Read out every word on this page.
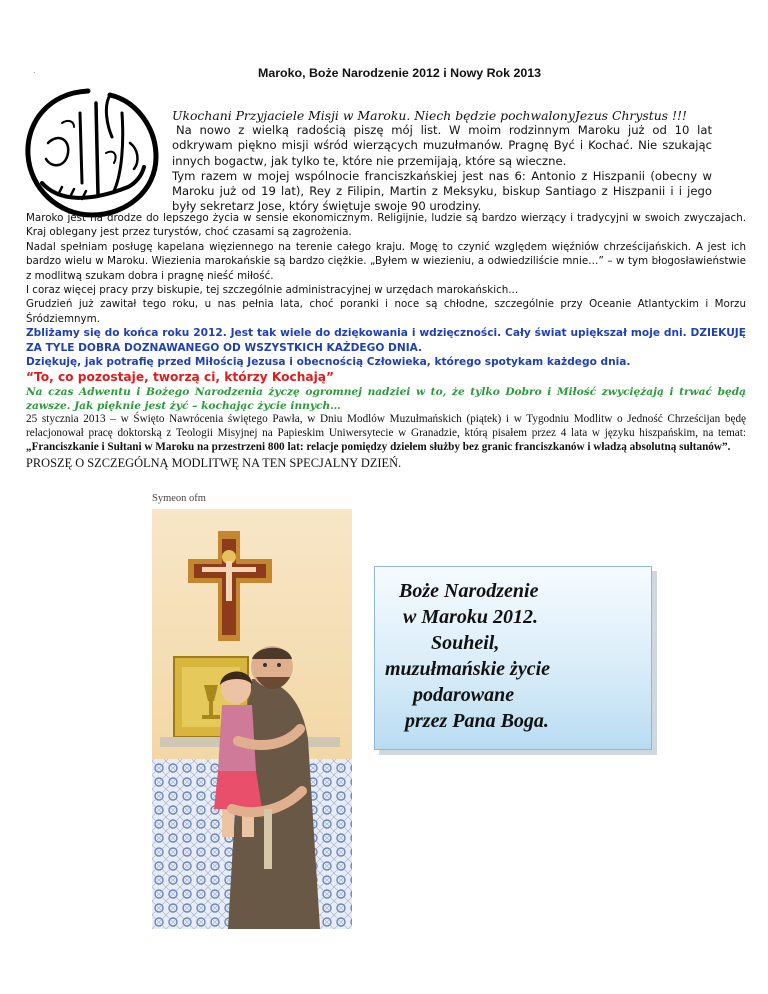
.	Maroko, Boże Narodzenie 2012 i Nowy Rok 2013

Ukochani Przyjaciele Misji w Maroku. Niech będzie pochwalonyJezus Chrystus !!!

Na nowo z wielką radością piszę mój list. W moim rodzinnym Maroku już od 10 lat odkrywam piękno misji wśród wierzących muzułmanów. Pragnę Być i Kochać. Nie szukając innych bogactw, jak tylko te, które nie przemijają, które są wieczne.

Tym razem w mojej wspólnocie franciszkańskiej jest nas 6: Antonio z Hiszpanii (obecny w Maroku już od 19 lat), Rey z Filipin, Martin z Meksyku, biskup Santiago z Hiszpanii i i jego były sekretarz Jose, który świętuje swoje 90 urodziny.

Maroko jest na drodze do lepszego życia w sensie ekonomicznym. Religijnie, ludzie są bardzo wierzący i tradycyjni w swoich zwyczajach. Kraj oblegany jest przez turystów, choć czasami są zagrożenia.

Nadal spełniam posługę kapelana więziennego na terenie całego kraju. Mogę to czynić względem więźniów chrześcijańskich. A jest ich bardzo wielu w Maroku. Wiezienia marokańskie są bardzo ciężkie. „Byłem w wiezieniu, a odwiedziliście mnie…” – w tym błogosławieństwie z modlitwą szukam dobra i pragnę nieść miłość.

I coraz więcej pracy przy biskupie, tej szczególnie administracyjnej w urzędach marokańskich...

Grudzień już zawitał tego roku, u nas pełnia lata, choć poranki i noce są chłodne, szczególnie przy Oceanie Atlantyckim i Morzu Śródziemnym.

Zbliżamy się do końca roku 2012. Jest tak wiele do dziękowania i wdzięczności. Cały świat upiększał moje dni. DZIEKUJĘ ZA TYLE DOBRA DOZNAWANEGO OD WSZYSTKICH KAŻDEGO DNIA.

Dziękuję, jak potrafię przed Miłością Jezusa i obecnością Człowieka, którego spotykam każdego dnia.

“To, co pozostaje, tworzą ci, którzy Kochają”

Na czas Adwentu i Bożego Narodzenia życzę ogromnej nadziei w to, że tylko Dobro i Miłość zwyciężają i trwać będą zawsze. Jak pięknie jest żyć – kochając życie innych…

25 stycznia 2013 – w Święto Nawrócenia świętego Pawła, w Dniu Modlów Muzułmańskich (piątek) i w Tygodniu Modlitw o Jedność Chrześcijan będę relacjonował pracę doktorską z Teologii Misyjnej na Papieskim Uniwersytecie w Granadzie, którą pisałem przez 4 lata w języku hiszpańskim, na temat: „Franciszkanie i Sułtani w Maroku na przestrzeni 800 lat: relacje pomiędzy dziełem służby bez granic franciszkanów i władzą absolutną sułtanów”.

PROSZĘ O SZCZEGÓLNĄ MODLITWĘ NA TEN SPECJALNY DZIEŃ.

Symeon ofm
Boże Narodzenie
w Maroku 2012.
Souheil,
muzułmańskie życie
podarowane
przez Pana Boga.
